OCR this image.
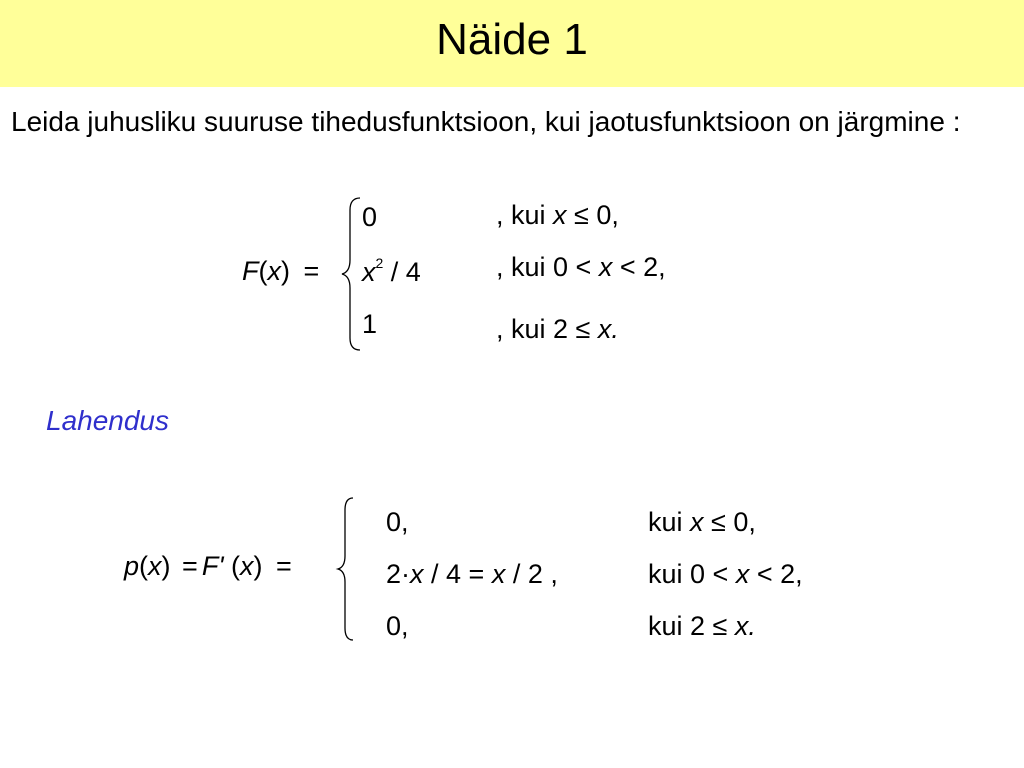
Näide 1
Leida juhusliku suuruse tihedusfunktsioon, kui jaotusfunktsioon on järgmine :
F(x) =
0	, kui x ≤ 0,
$x^2 / 4$	, kui 0 < x < 2,
1	, kui 2 ≤ x.
Lahendus
p(x) = F' (x) =
0,	kui x ≤ 0,
2·x / 4 = x / 2 ,	kui 0 < x < 2,
0,	kui 2 ≤ x.
